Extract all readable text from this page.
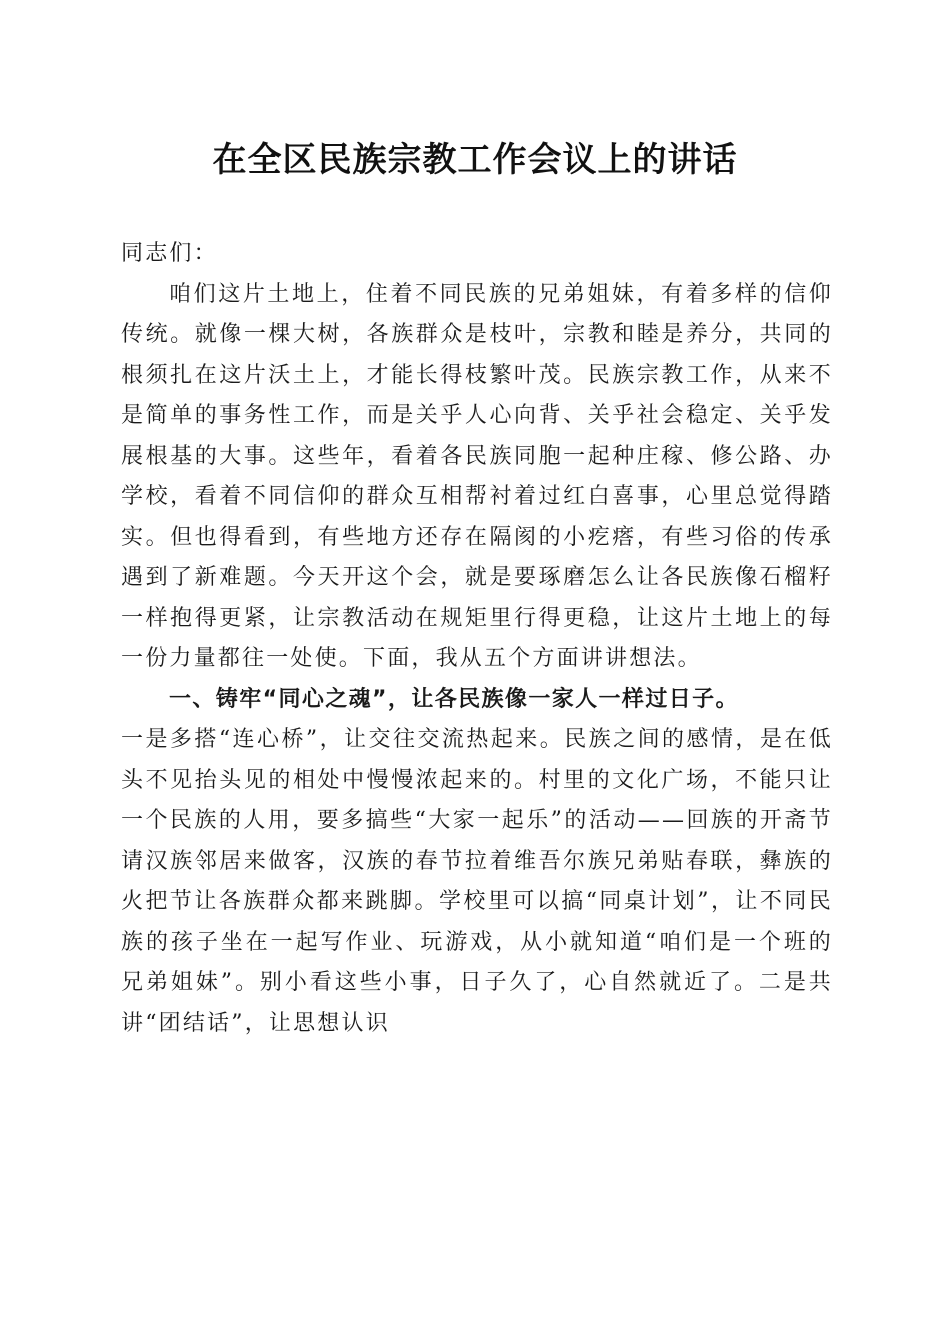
在全区民族宗教工作会议上的讲话

同志们：

咱们这片土地上，住着不同民族的兄弟姐妹，有着多样的信仰传统。就像一棵大树，各族群众是枝叶，宗教和睦是养分，共同的根须扎在这片沃土上，才能长得枝繁叶茂。民族宗教工作，从来不是简单的事务性工作，而是关乎人心向背、关乎社会稳定、关乎发展根基的大事。这些年，看着各民族同胞一起种庄稼、修公路、办学校，看着不同信仰的群众互相帮衬着过红白喜事，心里总觉得踏实。但也得看到，有些地方还存在隔阂的小疙瘩，有些习俗的传承遇到了新难题。今天开这个会，就是要琢磨怎么让各民族像石榴籽一样抱得更紧，让宗教活动在规矩里行得更稳，让这片土地上的每一份力量都往一处使。下面，我从五个方面讲讲想法。

一、铸牢“同心之魂”，让各民族像一家人一样过日子。

一是多搭“连心桥”，让交往交流热起来。民族之间的感情，是在低头不见抬头见的相处中慢慢浓起来的。村里的文化广场，不能只让一个民族的人用，要多搞些“大家一起乐”的活动——回族的开斋节请汉族邻居来做客，汉族的春节拉着维吾尔族兄弟贴春联，彝族的火把节让各族群众都来跳脚。学校里可以搞“同桌计划”，让不同民族的孩子坐在一起写作业、玩游戏，从小就知道“咱们是一个班的兄弟姐妹”。别小看这些小事，日子久了，心自然就近了。二是共讲“团结话”，让思想认识
